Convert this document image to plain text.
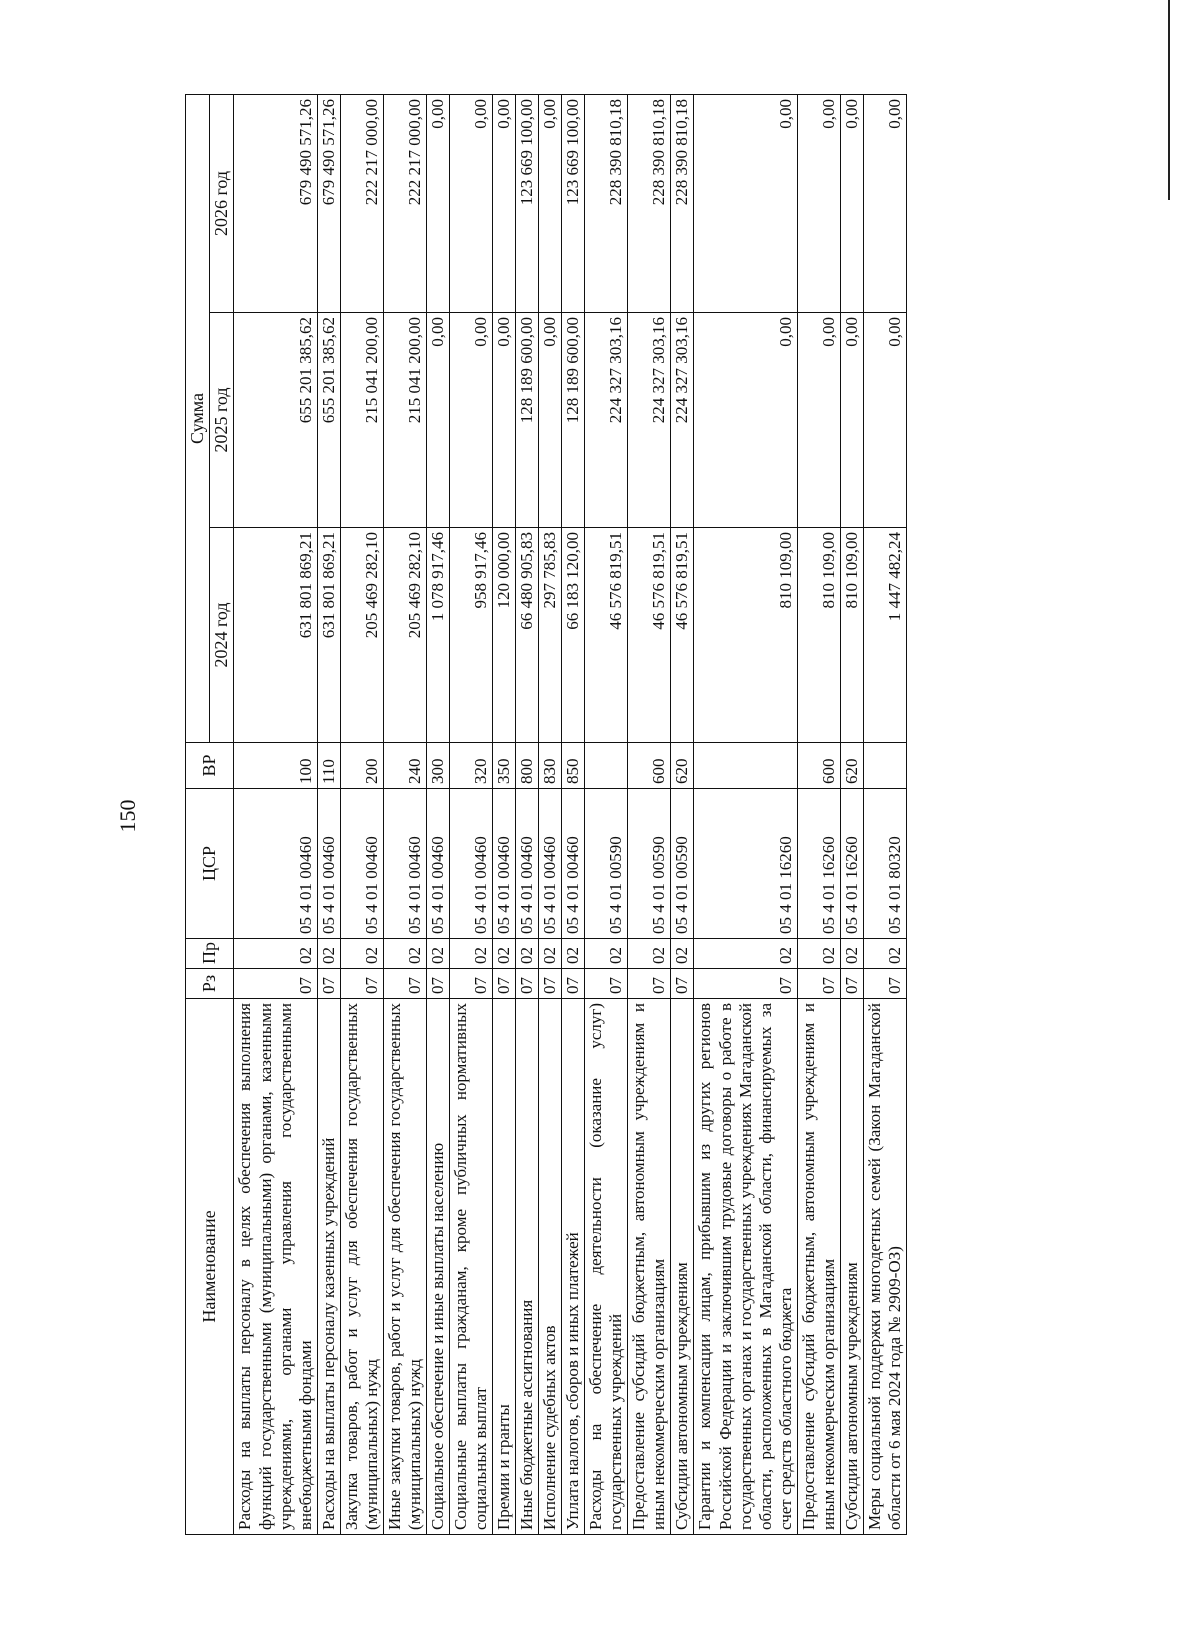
150
Наименование	Рз	Пр	ЦСР	ВР	Сумма		
					2024 год	2025 год	2026 год
Расходы на выплаты персоналу в целях обеспечения выполнения функций государственными (муниципальными) органами, казенными учреждениями, органами управления государственными внебюджетными фондами	07	02	05 4 01 00460	100	631 801 869,21	655 201 385,62	679 490 571,26
Расходы на выплаты персоналу казенных учреждений	07	02	05 4 01 00460	110	631 801 869,21	655 201 385,62	679 490 571,26
Закупка товаров, работ и услуг для обеспечения государственных (муниципальных) нужд	07	02	05 4 01 00460	200	205 469 282,10	215 041 200,00	222 217 000,00
Иные закупки товаров, работ и услуг для обеспечения государственных (муниципальных) нужд	07	02	05 4 01 00460	240	205 469 282,10	215 041 200,00	222 217 000,00
Социальное обеспечение и иные выплаты населению	07	02	05 4 01 00460	300	1 078 917,46	0,00	0,00
Социальные выплаты гражданам, кроме публичных нормативных социальных выплат	07	02	05 4 01 00460	320	958 917,46	0,00	0,00
Премии и гранты	07	02	05 4 01 00460	350	120 000,00	0,00	0,00
Иные бюджетные ассигнования	07	02	05 4 01 00460	800	66 480 905,83	128 189 600,00	123 669 100,00
Исполнение судебных актов	07	02	05 4 01 00460	830	297 785,83	0,00	0,00
Уплата налогов, сборов и иных платежей	07	02	05 4 01 00460	850	66 183 120,00	128 189 600,00	123 669 100,00
Расходы на обеспечение деятельности (оказание услуг) государственных учреждений	07	02	05 4 01 00590		46 576 819,51	224 327 303,16	228 390 810,18
Предоставление субсидий бюджетным, автономным учреждениям и иным некоммерческим организациям	07	02	05 4 01 00590	600	46 576 819,51	224 327 303,16	228 390 810,18
Субсидии автономным учреждениям	07	02	05 4 01 00590	620	46 576 819,51	224 327 303,16	228 390 810,18
Гарантии и компенсации лицам, прибывшим из других регионов Российской Федерации и заключившим трудовые договоры о работе в государственных органах и государственных учреждениях Магаданской области, расположенных в Магаданской области, финансируемых за счет средств областного бюджета	07	02	05 4 01 16260		810 109,00	0,00	0,00
Предоставление субсидий бюджетным, автономным учреждениям и иным некоммерческим организациям	07	02	05 4 01 16260	600	810 109,00	0,00	0,00
Субсидии автономным учреждениям	07	02	05 4 01 16260	620	810 109,00	0,00	0,00
Меры социальной поддержки многодетных семей (Закон Магаданской области от 6 мая 2024 года № 2909-ОЗ)	07	02	05 4 01 80320		1 447 482,24	0,00	0,00
